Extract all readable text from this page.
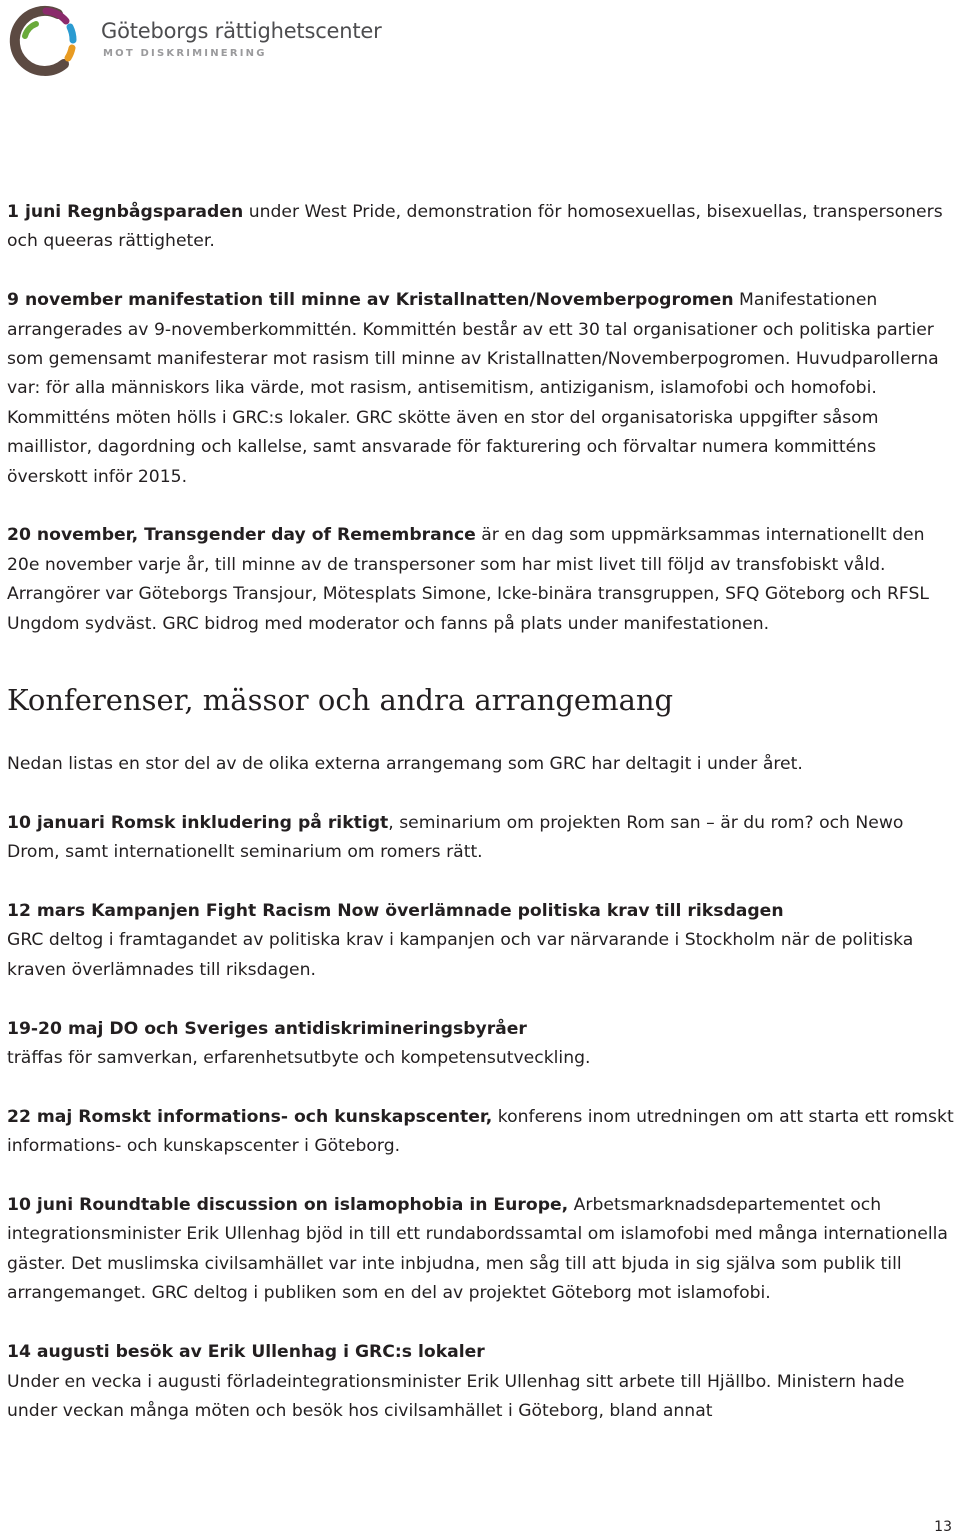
Göteborgs rättighetscenter
MOT DISKRIMINERING

1 juni Regnbågsparaden under West Pride, demonstration för homosexuellas, bisexuellas, transpersoners och queeras rättigheter.

9 november manifestation till minne av Kristallnatten/Novemberpogromen Manifestationen arrangerades av 9-novemberkommittén. Kommittén består av ett 30 tal organisationer och politiska partier som gemensamt manifesterar mot rasism till minne av Kristallnatten/Novemberpogromen. Huvudparollerna var: för alla människors lika värde, mot rasism, antisemitism, antiziganism, islamofobi och homofobi. Kommitténs möten hölls i GRC:s lokaler. GRC skötte även en stor del organisatoriska uppgifter såsom maillistor, dagordning och kallelse, samt ansvarade för fakturering och förvaltar numera kommitténs överskott inför 2015.

20 november, Transgender day of Remembrance är en dag som uppmärksammas internationellt den 20e november varje år, till minne av de transpersoner som har mist livet till följd av transfobiskt våld. Arrangörer var Göteborgs Transjour, Mötesplats Simone, Icke-binära transgruppen, SFQ Göteborg och RFSL Ungdom sydväst. GRC bidrog med moderator och fanns på plats under manifestationen.

Konferenser, mässor och andra arrangemang

Nedan listas en stor del av de olika externa arrangemang som GRC har deltagit i under året.

10 januari Romsk inkludering på riktigt, seminarium om projekten Rom san – är du rom? och Newo Drom, samt internationellt seminarium om romers rätt.

12 mars Kampanjen Fight Racism Now överlämnade politiska krav till riksdagen
GRC deltog i framtagandet av politiska krav i kampanjen och var närvarande i Stockholm när de politiska kraven överlämnades till riksdagen.

19-20 maj DO och Sveriges antidiskrimineringsbyråer
träffas för samverkan, erfarenhetsutbyte och kompetensutveckling.

22 maj Romskt informations- och kunskapscenter, konferens inom utredningen om att starta ett romskt informations- och kunskapscenter i Göteborg.

10 juni Roundtable discussion on islamophobia in Europe, Arbetsmarknadsdepartementet och integrationsminister Erik Ullenhag bjöd in till ett rundabordssamtal om islamofobi med många internationella gäster. Det muslimska civilsamhället var inte inbjudna, men såg till att bjuda in sig själva som publik till arrangemanget. GRC deltog i publiken som en del av projektet Göteborg mot islamofobi.

14 augusti besök av Erik Ullenhag i GRC:s lokaler
Under en vecka i augusti förladeintegrationsminister Erik Ullenhag sitt arbete till Hjällbo. Ministern hade under veckan många möten och besök hos civilsamhället i Göteborg, bland annat

13
